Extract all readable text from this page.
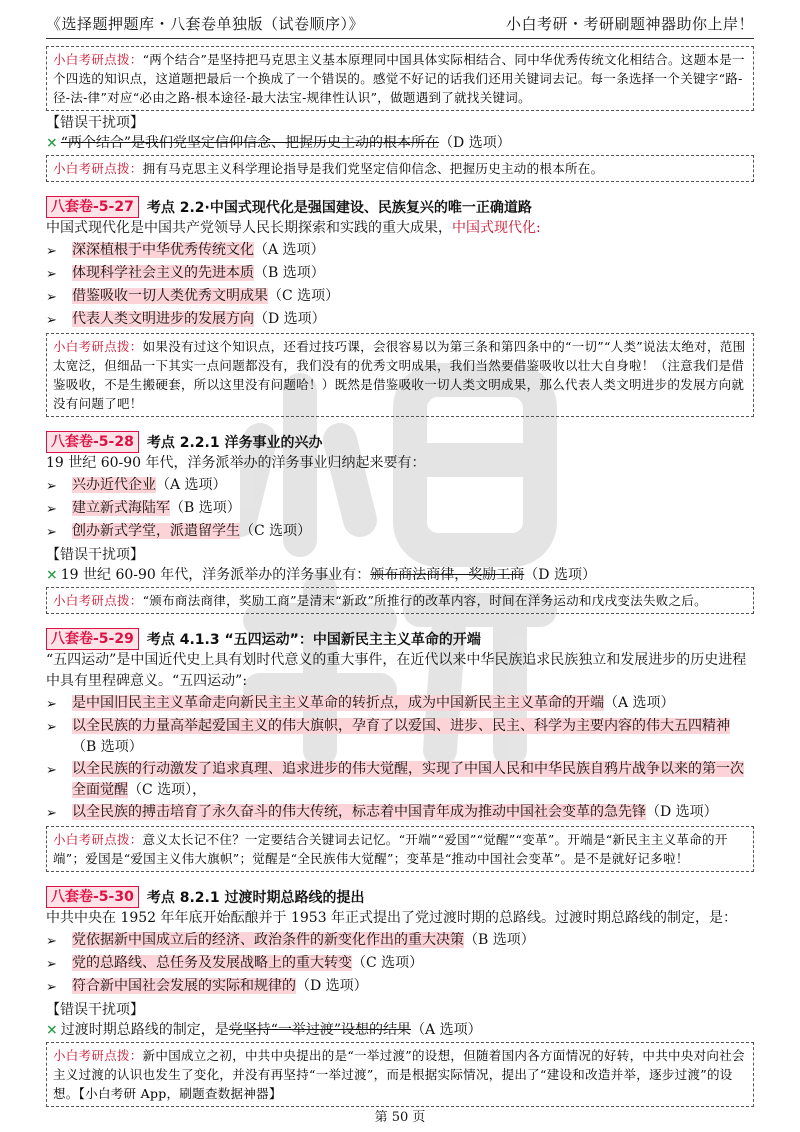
《选择题押题库・八套卷单独版（试卷顺序）》	小白考研・考研刷题神器助你上岸！
小白考研点拨：“两个结合”是坚持把马克思主义基本原理同中国具体实际相结合、同中华优秀传统文化相结合。这题本是一个四选的知识点，这道题把最后一个换成了一个错误的。感觉不好记的话我们还用关键词去记。每一条选择一个关键字“路-径-法-律”对应“必由之路-根本途径-最大法宝-规律性认识”，做题遇到了就找关键词。
【错误干扰项】
× “两个结合”是我们党坚定信仰信念、把握历史主动的根本所在（D 选项）
小白考研点拨：拥有马克思主义科学理论指导是我们党坚定信仰信念、把握历史主动的根本所在。
八套卷-5-27 考点 2.2·中国式现代化是强国建设、民族复兴的唯一正确道路
中国式现代化是中国共产党领导人民长期探索和实践的重大成果，中国式现代化:
➢	深深植根于中华优秀传统文化（A 选项）
➢	体现科学社会主义的先进本质（B 选项）
➢	借鉴吸收一切人类优秀文明成果（C 选项）
➢	代表人类文明进步的发展方向（D 选项）
小白考研点拨：如果没有过这个知识点，还看过技巧课，会很容易以为第三条和第四条中的“一切”“人类”说法太绝对，范围太宽泛，但细品一下其实一点问题都没有，我们没有的优秀文明成果，我们当然要借鉴吸收以壮大自身啦！（注意我们是借鉴吸收，不是生搬硬套，所以这里没有问题哈！）既然是借鉴吸收一切人类文明成果，那么代表人类文明进步的发展方向就没有问题了吧！
八套卷-5-28 考点 2.2.1 洋务事业的兴办
19 世纪 60-90 年代，洋务派举办的洋务事业归纳起来要有：
➢	兴办近代企业（A 选项）
➢	建立新式海陆军（B 选项）
➢	创办新式学堂，派遣留学生（C 选项）
【错误干扰项】
× 19 世纪 60-90 年代，洋务派举办的洋务事业有：颁布商法商律，奖励工商（D 选项）
小白考研点拨：“颁布商法商律，奖励工商”是清末“新政”所推行的改革内容，时间在洋务运动和戊戌变法失败之后。
八套卷-5-29 考点 4.1.3 “五四运动”：中国新民主主义革命的开端
“五四运动”是中国近代史上具有划时代意义的重大事件，在近代以来中华民族追求民族独立和发展进步的历史进程中具有里程碑意义。“五四运动”:
➢	是中国旧民主主义革命走向新民主主义革命的转折点，成为中国新民主主义革命的开端（A 选项）
➢	以全民族的力量高举起爱国主义的伟大旗帜，孕育了以爱国、进步、民主、科学为主要内容的伟大五四精神（B 选项）
➢	以全民族的行动激发了追求真理、追求进步的伟大觉醒，实现了中国人民和中华民族自鸦片战争以来的第一次全面觉醒（C 选项），
➢	以全民族的搏击培育了永久奋斗的伟大传统，标志着中国青年成为推动中国社会变革的急先锋（D 选项）
小白考研点拨：意义太长记不住？一定要结合关键词去记忆。“开端”“爱国”“觉醒”“变革”。开端是“新民主主义革命的开端”；爱国是“爱国主义伟大旗帜”；觉醒是“全民族伟大觉醒”；变革是“推动中国社会变革”。是不是就好记多啦！
八套卷-5-30 考点 8.2.1 过渡时期总路线的提出
中共中央在 1952 年年底开始酝酿并于 1953 年正式提出了党过渡时期的总路线。过渡时期总路线的制定，是：
➢	党依据新中国成立后的经济、政治条件的新变化作出的重大决策（B 选项）
➢	党的总路线、总任务及发展战略上的重大转变（C 选项）
➢	符合新中国社会发展的实际和规律的（D 选项）
【错误干扰项】
× 过渡时期总路线的制定，是党坚持“一举过渡”设想的结果（A 选项）
小白考研点拨：新中国成立之初，中共中央提出的是“一举过渡”的设想，但随着国内各方面情况的好转，中共中央对向社会主义过渡的认识也发生了变化，并没有再坚持“一举过渡”，而是根据实际情况，提出了“建设和改造并举，逐步过渡”的设想。【小白考研 App，刷题查数据神器】
第 50 页
